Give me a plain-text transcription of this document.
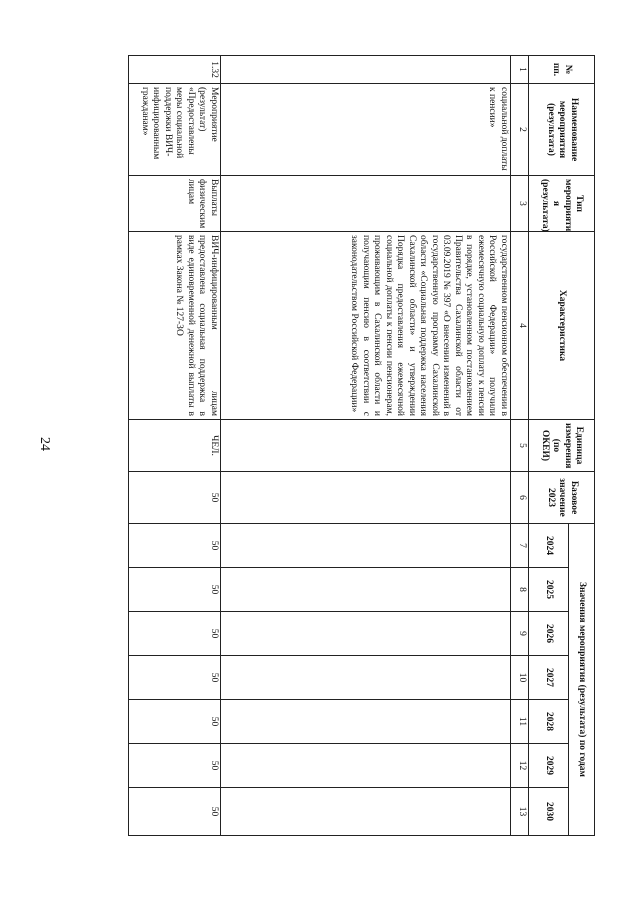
24
№ пп.	Наименование мероприятия (результата)	Тип мероприяти я (результата)	Характеристика	Единица измерения (по ОКЕИ)	Базовое значение 2023	Значения мероприятия (результата) по годам						
						2024	2025	2026	2027	2028	2029	2030
1	2	3	4	5	6	7	8	9	10	11	12	13
	социальной доплаты к пенсии»		государственном пенсионном обеспечении в Российской Федерации» получили ежемесячную социальную доплату к пенсии в порядке, установленном постановлением Правительства Сахалинской области от 03.09.2019 № 397 «О внесении изменений в государственную программу Сахалинской области «Социальная поддержка населения Сахалинской области» и утверждении Порядка предоставления ежемесячной социальной доплаты к пенсии пенсионерам, проживающим в Сахалинской области и получающим пенсию в соответствии с законодательством Российской Федерации»									
1.32	Мероприятие (результат) «Предоставлены меры социальной поддержки ВИЧ-инфицированным гражданам»	Выплаты физическим лицам	ВИЧ-инфицированным лицам предоставлена социальная поддержка в виде единовременной денежной выплаты в рамках Закона № 127-ЗО	ЧЕЛ.	50	50	50	50	50	50	50	50
